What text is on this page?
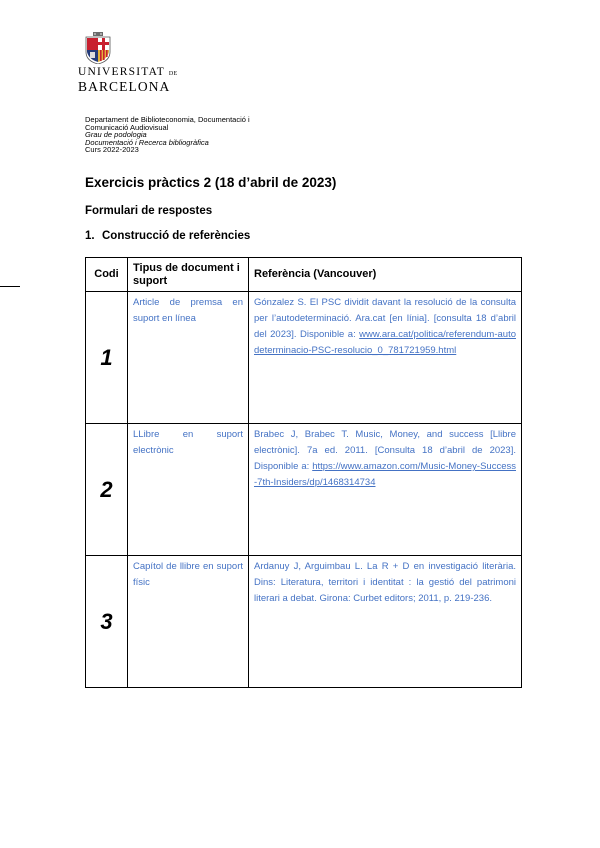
UNIVERSITAT DE
BARCELONA
Departament de Biblioteconomia, Documentació i
Comunicació Audiovisual
Grau de podologia
Documentació i Recerca bibliogràfica
Curs 2022-2023
Exercicis pràctics 2 (18 d’abril de 2023)
Formulari de respostes
1. Construcció de referències
Codi	Tipus de document i suport	Referència (Vancouver)
1	Article de premsa en suport en línea	Gónzalez S. El PSC dividit davant la resolució de la consulta per l’autodeterminació. Ara.cat [en línia]. [consulta 18 d’abril del 2023]. Disponible a: www.ara.cat/politica/referendum-autodeterminacio-PSC-resolucio_0_781721959.html
2	LLibre en suport electrònic	Brabec J, Brabec T. Music, Money, and success [Llibre electrònic]. 7a ed. 2011. [Consulta 18 d’abril de 2023]. Disponible a: https://www.amazon.com/Music-Money-Success-7th-Insiders/dp/1468314734
3	Capítol de llibre en suport físic	Ardanuy J, Arguimbau L. La R + D en investigació literària. Dins: Literatura, territori i identitat : la gestió del patrimoni literari a debat. Girona: Curbet editors; 2011, p. 219-236.
